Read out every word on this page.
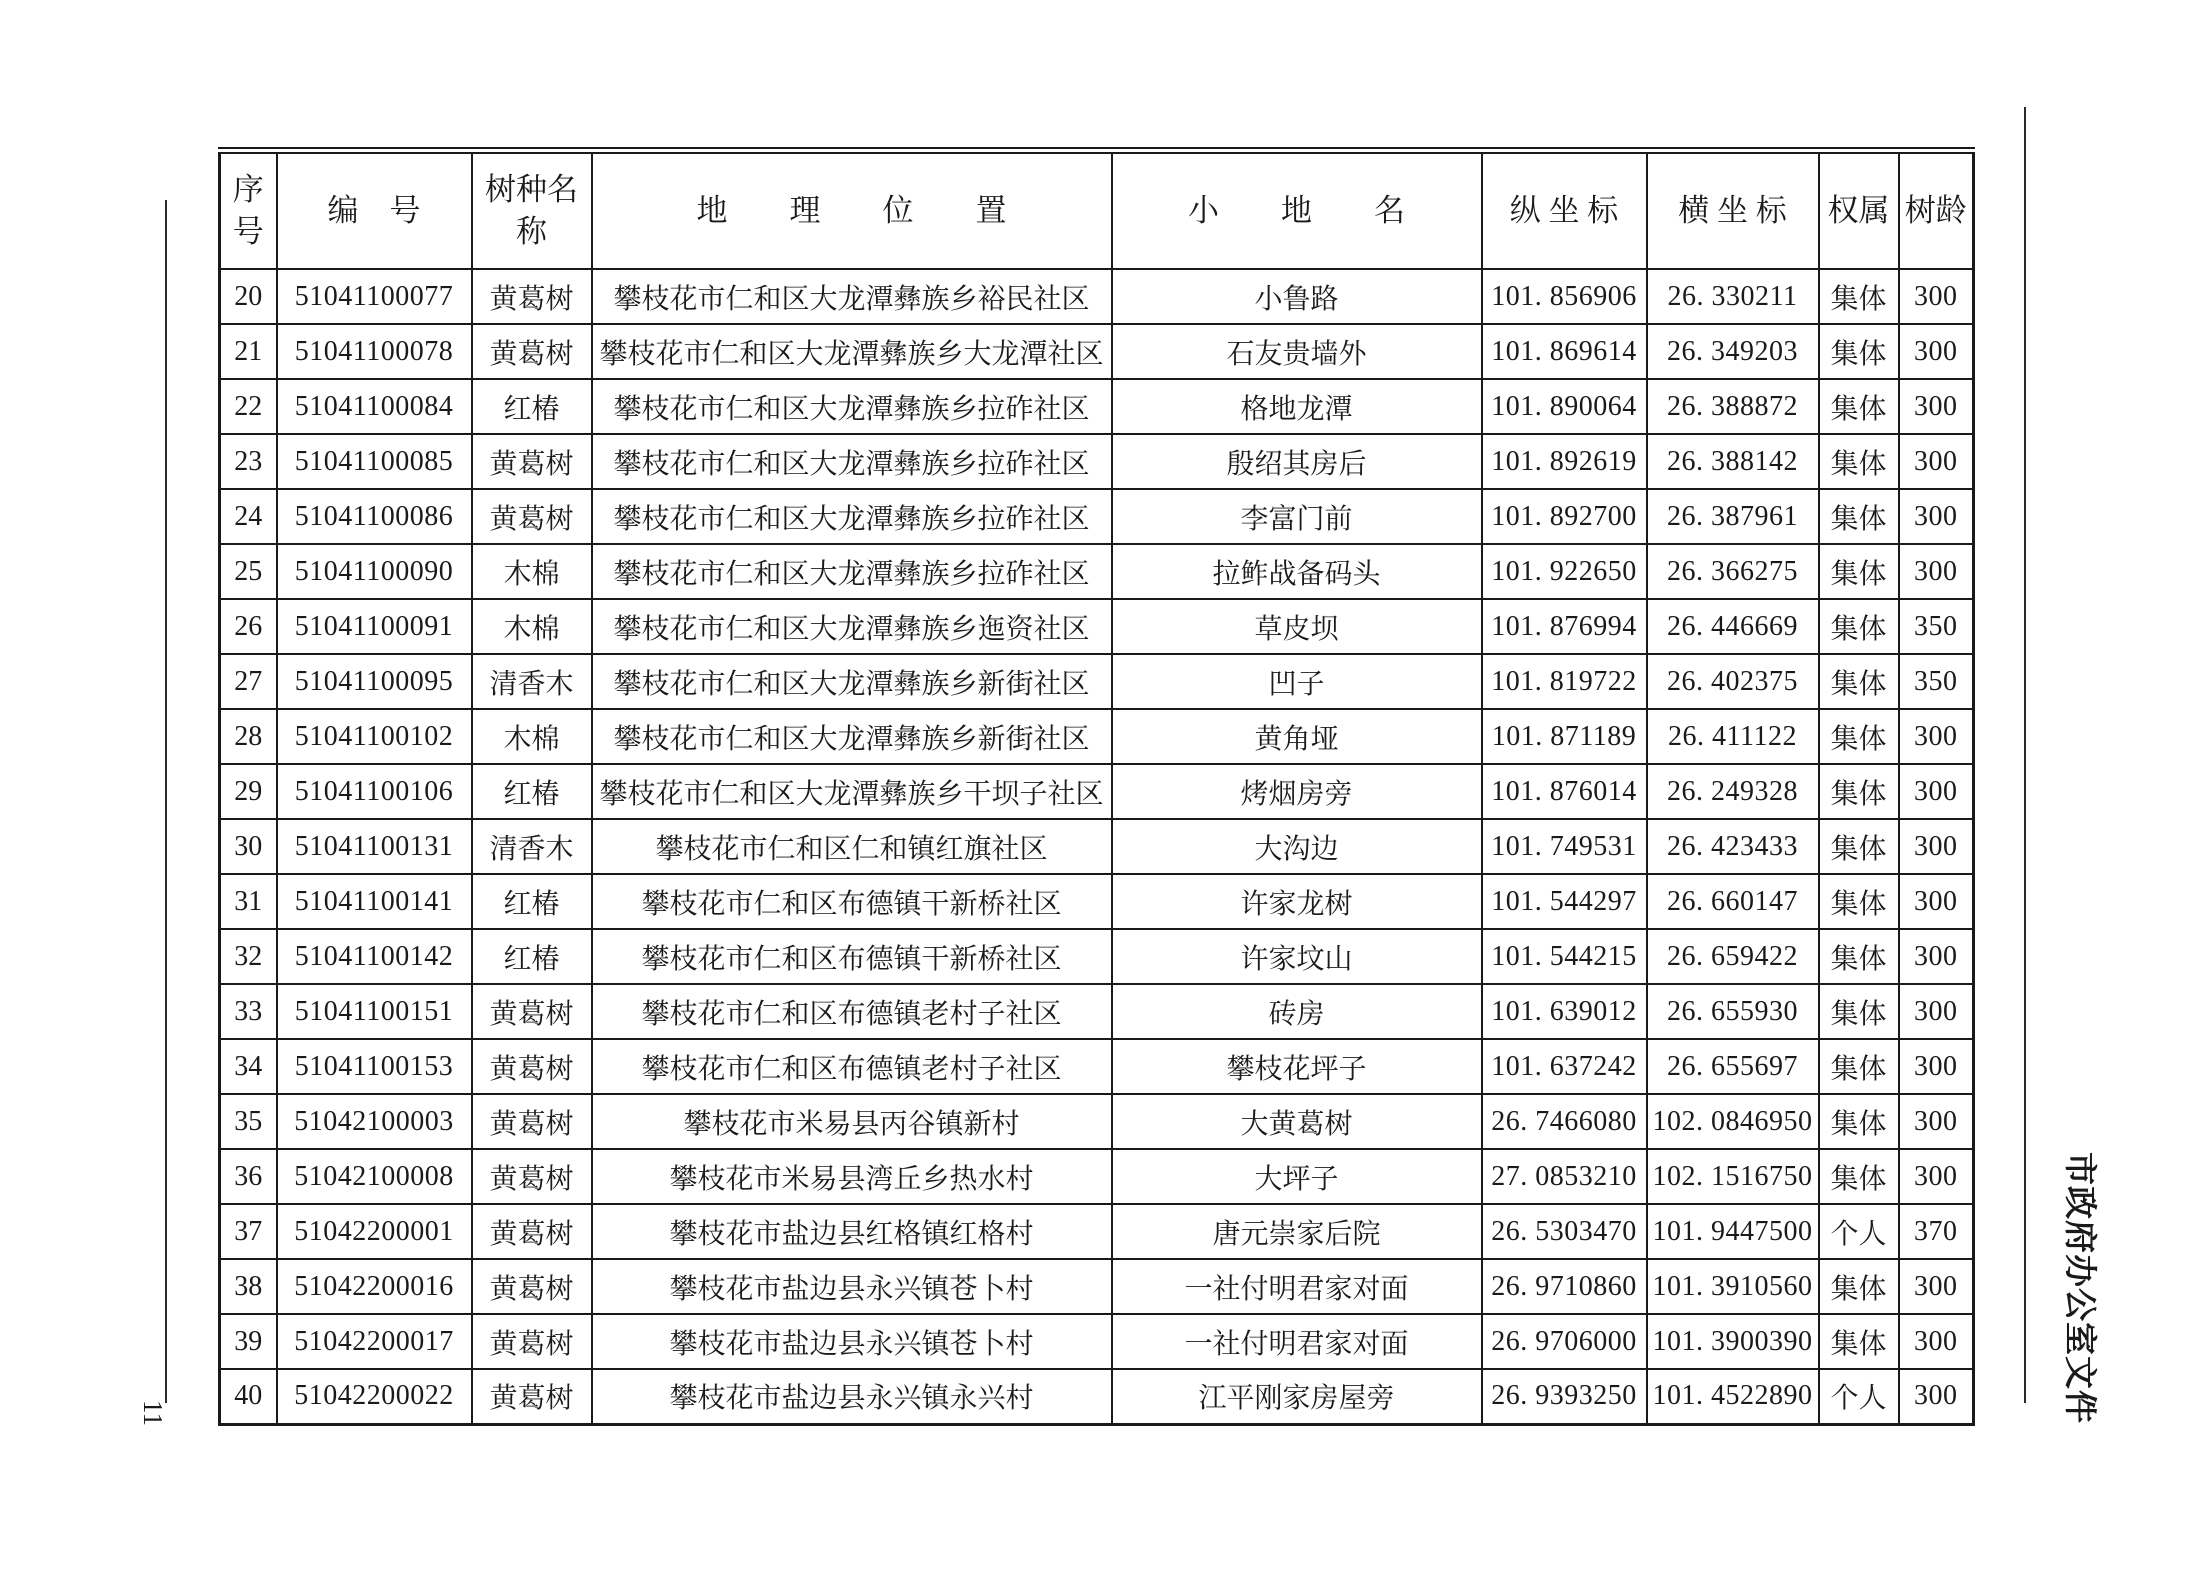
市政府办公室文件
11
序号	编　号	树种名称	地　　理　　位　　置	小　　地　　名	纵 坐 标	横 坐 标	权属	树龄
20	51041100077	黄葛树	攀枝花市仁和区大龙潭彝族乡裕民社区	小鲁路	101. 856906	26. 330211	集体	300
21	51041100078	黄葛树	攀枝花市仁和区大龙潭彝族乡大龙潭社区	石友贵墙外	101. 869614	26. 349203	集体	300
22	51041100084	红椿	攀枝花市仁和区大龙潭彝族乡拉砟社区	格地龙潭	101. 890064	26. 388872	集体	300
23	51041100085	黄葛树	攀枝花市仁和区大龙潭彝族乡拉砟社区	殷绍其房后	101. 892619	26. 388142	集体	300
24	51041100086	黄葛树	攀枝花市仁和区大龙潭彝族乡拉砟社区	李富门前	101. 892700	26. 387961	集体	300
25	51041100090	木棉	攀枝花市仁和区大龙潭彝族乡拉砟社区	拉鲊战备码头	101. 922650	26. 366275	集体	300
26	51041100091	木棉	攀枝花市仁和区大龙潭彝族乡迤资社区	草皮坝	101. 876994	26. 446669	集体	350
27	51041100095	清香木	攀枝花市仁和区大龙潭彝族乡新街社区	凹子	101. 819722	26. 402375	集体	350
28	51041100102	木棉	攀枝花市仁和区大龙潭彝族乡新街社区	黄角垭	101. 871189	26. 411122	集体	300
29	51041100106	红椿	攀枝花市仁和区大龙潭彝族乡干坝子社区	烤烟房旁	101. 876014	26. 249328	集体	300
30	51041100131	清香木	攀枝花市仁和区仁和镇红旗社区	大沟边	101. 749531	26. 423433	集体	300
31	51041100141	红椿	攀枝花市仁和区布德镇干新桥社区	许家龙树	101. 544297	26. 660147	集体	300
32	51041100142	红椿	攀枝花市仁和区布德镇干新桥社区	许家坟山	101. 544215	26. 659422	集体	300
33	51041100151	黄葛树	攀枝花市仁和区布德镇老村子社区	砖房	101. 639012	26. 655930	集体	300
34	51041100153	黄葛树	攀枝花市仁和区布德镇老村子社区	攀枝花坪子	101. 637242	26. 655697	集体	300
35	51042100003	黄葛树	攀枝花市米易县丙谷镇新村	大黄葛树	26. 7466080	102. 0846950	集体	300
36	51042100008	黄葛树	攀枝花市米易县湾丘乡热水村	大坪子	27. 0853210	102. 1516750	集体	300
37	51042200001	黄葛树	攀枝花市盐边县红格镇红格村	唐元崇家后院	26. 5303470	101. 9447500	个人	370
38	51042200016	黄葛树	攀枝花市盐边县永兴镇苍卜村	一社付明君家对面	26. 9710860	101. 3910560	集体	300
39	51042200017	黄葛树	攀枝花市盐边县永兴镇苍卜村	一社付明君家对面	26. 9706000	101. 3900390	集体	300
40	51042200022	黄葛树	攀枝花市盐边县永兴镇永兴村	江平刚家房屋旁	26. 9393250	101. 4522890	个人	300
